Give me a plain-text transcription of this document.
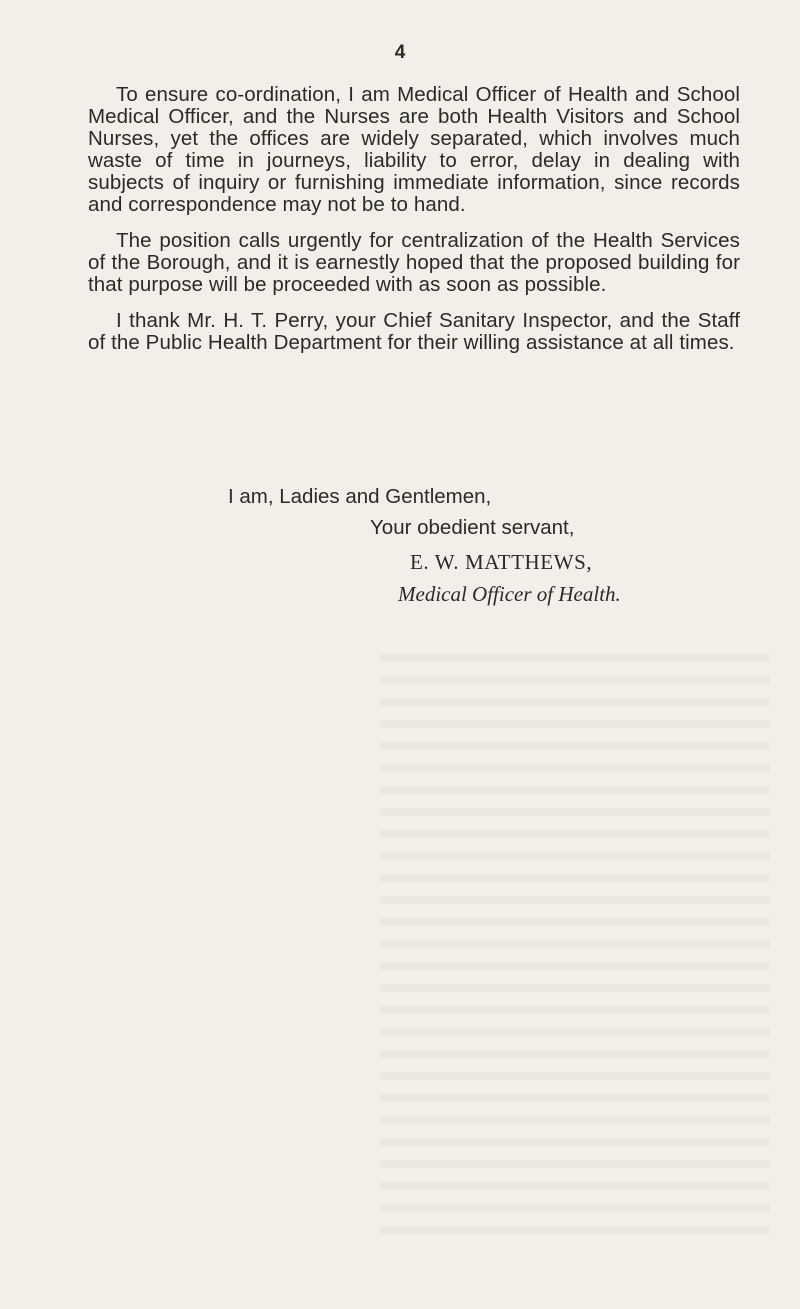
4

To ensure co-ordination, I am Medical Officer of Health and School Medical Officer, and the Nurses are both Health Visitors and School Nurses, yet the offices are widely separated, which involves much waste of time in journeys, liability to error, delay in dealing with subjects of inquiry or furnishing immediate information, since records and correspondence may not be to hand.

The position calls urgently for centralization of the Health Services of the Borough, and it is earnestly hoped that the proposed building for that purpose will be proceeded with as soon as possible.

I thank Mr. H. T. Perry, your Chief Sanitary Inspector, and the Staff of the Public Health Department for their willing assistance at all times.

I am, Ladies and Gentlemen,
Your obedient servant,
E. W. MATTHEWS,
Medical Officer of Health.
